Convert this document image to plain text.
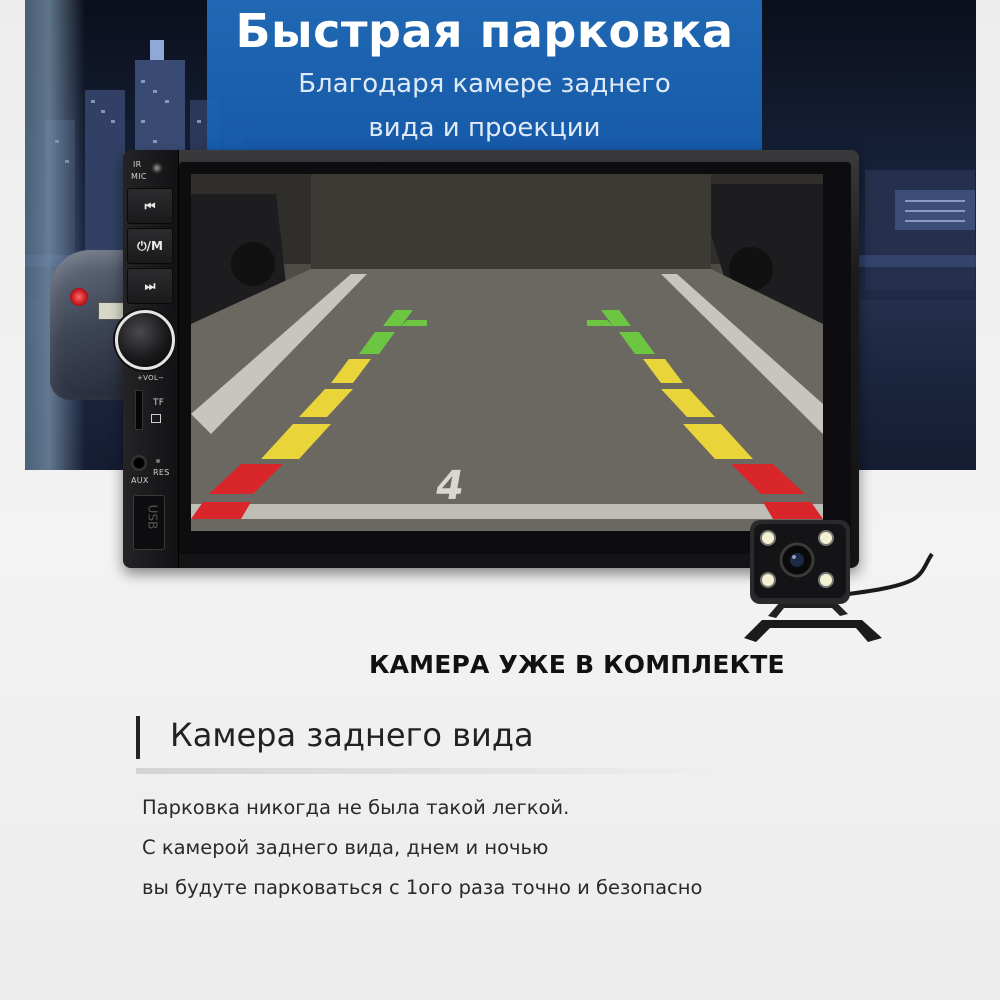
Быстрая парковка
Благодаря камере заднего
вида и проекции
IR
MIC
⏮
⏻/M
⏭
+VOL−
TF
RES
AUX
USB
4
КАМЕРА УЖЕ В КОМПЛЕКТЕ
Камера заднего вида
Парковка никогда не была такой легкой.
С камерой заднего вида, днем и ночью
вы будуте парковаться с 1ого раза точно и безопасно
